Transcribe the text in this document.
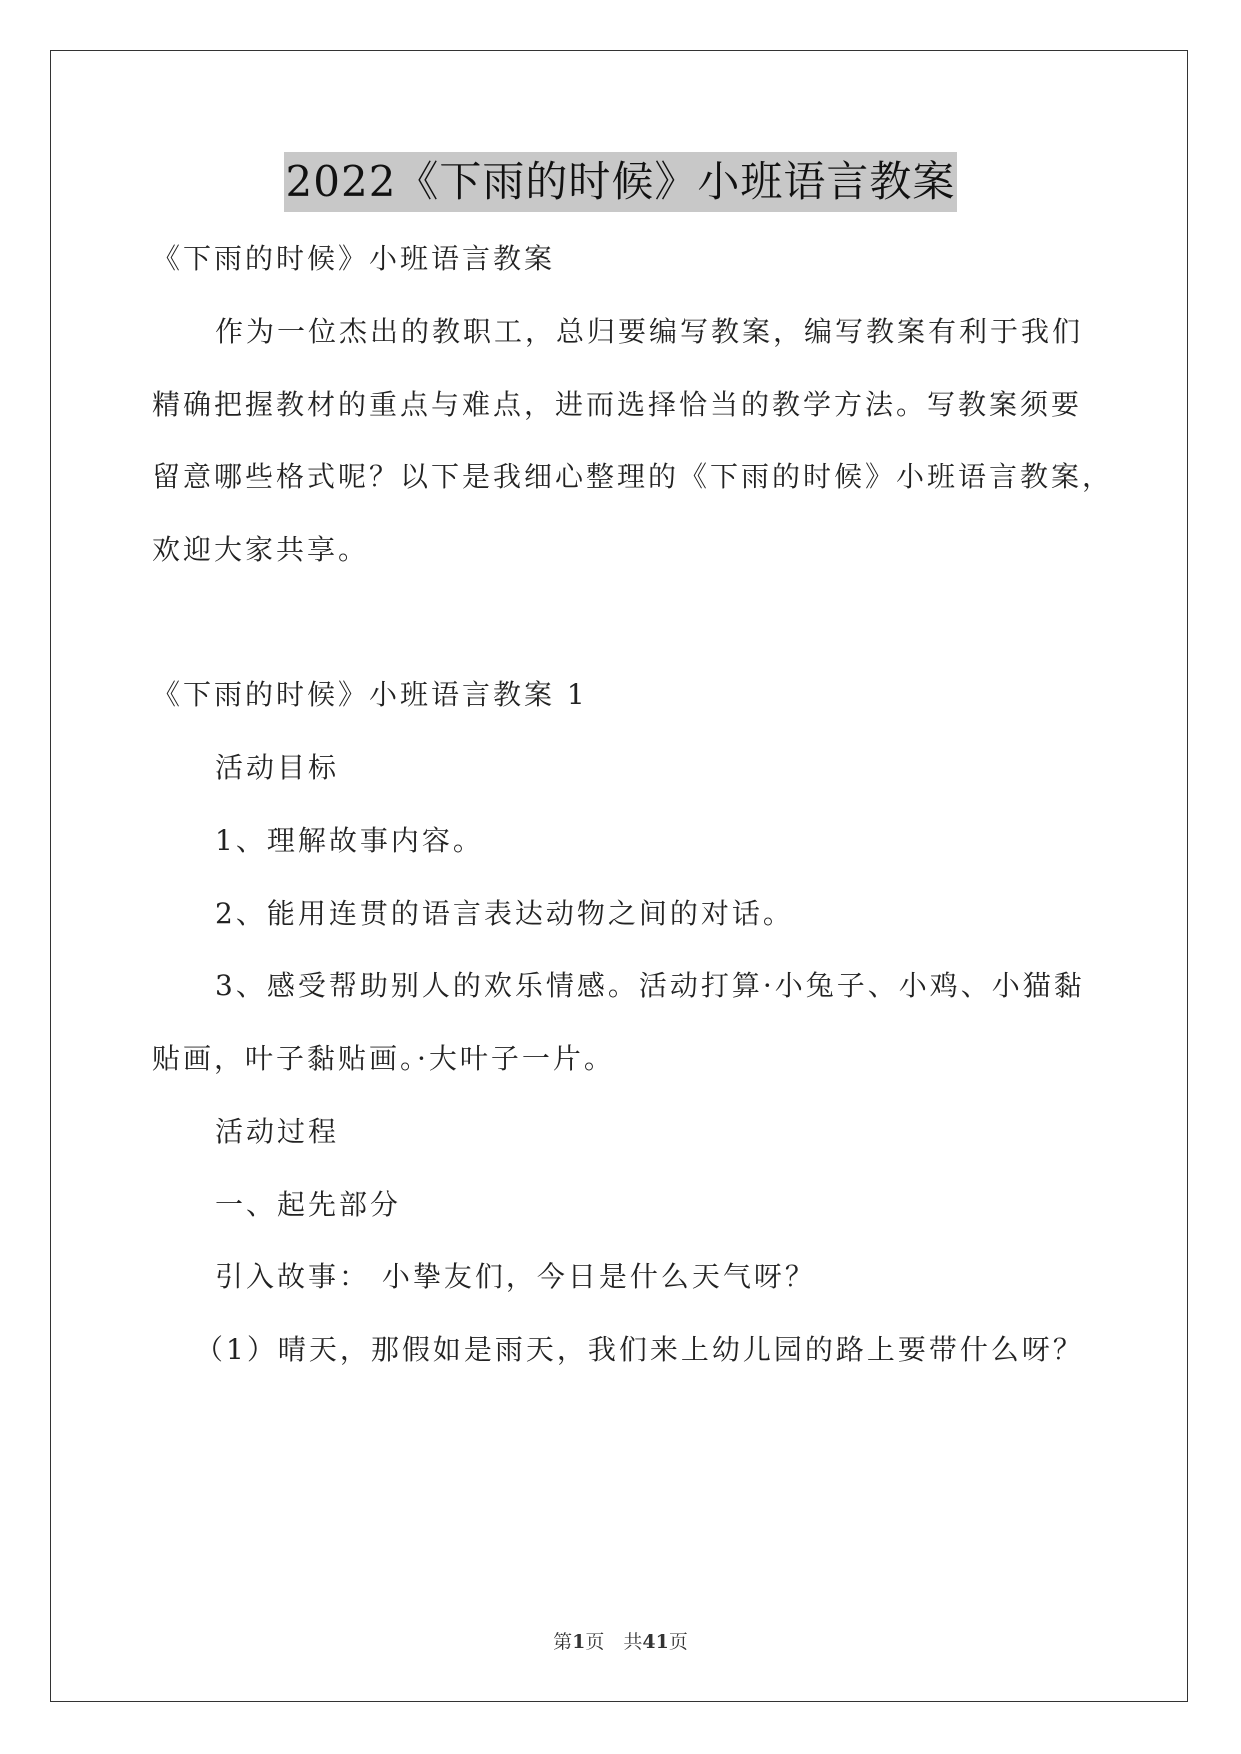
2022《下雨的时候》小班语言教案

《下雨的时候》小班语言教案

作为一位杰出的教职工，总归要编写教案，编写教案有利于我们

精确把握教材的重点与难点，进而选择恰当的教学方法。写教案须要

留意哪些格式呢？以下是我细心整理的《下雨的时候》小班语言教案，

欢迎大家共享。

《下雨的时候》小班语言教案 1

活动目标

1、理解故事内容。

2、能用连贯的语言表达动物之间的对话。

3、感受帮助别人的欢乐情感。活动打算·小兔子、小鸡、小猫黏

贴画，叶子黏贴画。·大叶子一片。

活动过程

一、起先部分

引入故事： 小挚友们，今日是什么天气呀？

（1）晴天，那假如是雨天，我们来上幼儿园的路上要带什么呀？

第1页　共41页
